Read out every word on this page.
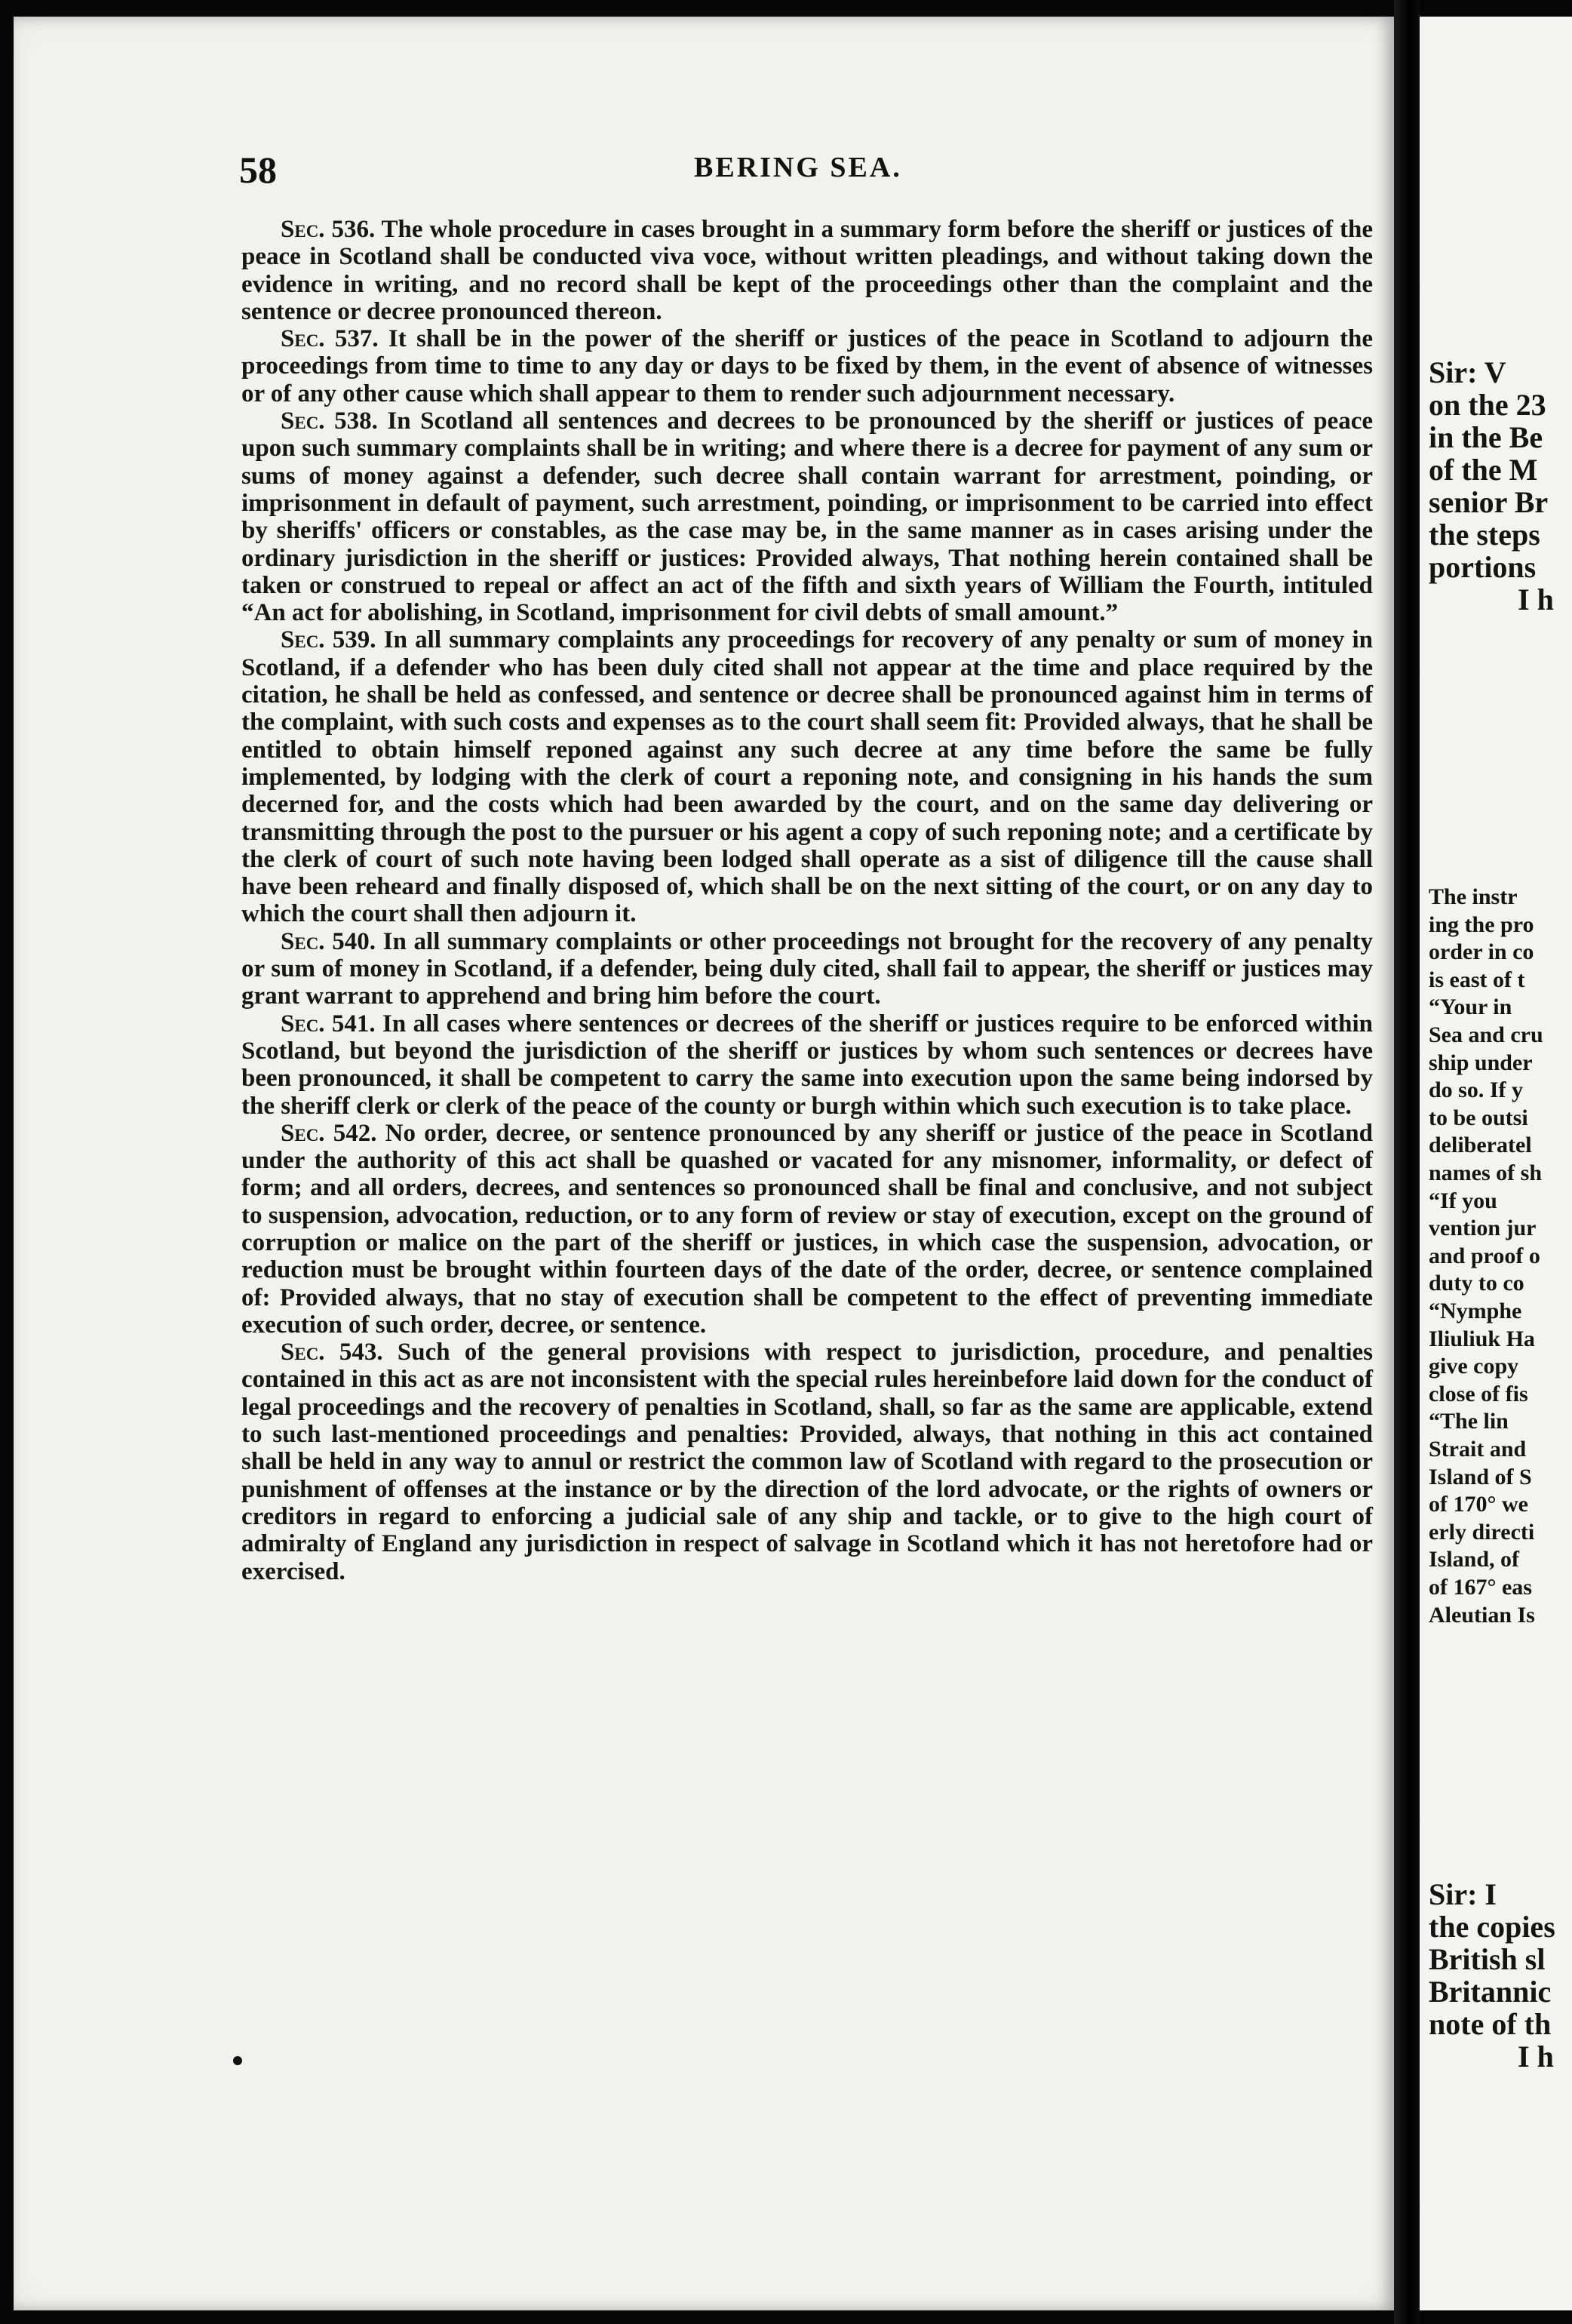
Sir: V
on the 23
in the Be
of the M
senior Br
the steps
portions
I h
The instr
ing the pro
order in co
is east of t
“Your in
Sea and cru
ship under
do so. If y
to be outsi
deliberatel
names of sh
“If you
vention jur
and proof o
duty to co
“Nymphe
Iliuliuk Ha
give copy
close of fis
“The lin
Strait and
Island of S
of 170° we
erly directi
Island, of
of 167° eas
Aleutian Is
Sir: I
the copies
British sl
Britannic
note of th
I h
58	BERING SEA.

Sec. 536. The whole procedure in cases brought in a summary form before the sheriff or justices of the peace in Scotland shall be conducted viva voce, without written pleadings, and without taking down the evidence in writing, and no record shall be kept of the proceedings other than the complaint and the sentence or decree pronounced thereon.

Sec. 537. It shall be in the power of the sheriff or justices of the peace in Scotland to adjourn the proceedings from time to time to any day or days to be fixed by them, in the event of absence of witnesses or of any other cause which shall appear to them to render such adjournment necessary.

Sec. 538. In Scotland all sentences and decrees to be pronounced by the sheriff or justices of peace upon such summary complaints shall be in writing; and where there is a decree for payment of any sum or sums of money against a defender, such decree shall contain warrant for arrestment, poinding, or imprisonment in default of payment, such arrestment, poinding, or imprisonment to be carried into effect by sheriffs' officers or constables, as the case may be, in the same manner as in cases arising under the ordinary jurisdiction in the sheriff or justices: Provided always, That nothing herein contained shall be taken or construed to repeal or affect an act of the fifth and sixth years of William the Fourth, intituled “An act for abolishing, in Scotland, imprisonment for civil debts of small amount.”

Sec. 539. In all summary complaints any proceedings for recovery of any penalty or sum of money in Scotland, if a defender who has been duly cited shall not appear at the time and place required by the citation, he shall be held as confessed, and sentence or decree shall be pronounced against him in terms of the complaint, with such costs and expenses as to the court shall seem fit: Provided always, that he shall be entitled to obtain himself reponed against any such decree at any time before the same be fully implemented, by lodging with the clerk of court a reponing note, and consigning in his hands the sum decerned for, and the costs which had been awarded by the court, and on the same day delivering or transmitting through the post to the pursuer or his agent a copy of such reponing note; and a certificate by the clerk of court of such note having been lodged shall operate as a sist of diligence till the cause shall have been reheard and finally disposed of, which shall be on the next sitting of the court, or on any day to which the court shall then adjourn it.

Sec. 540. In all summary complaints or other proceedings not brought for the recovery of any penalty or sum of money in Scotland, if a defender, being duly cited, shall fail to appear, the sheriff or justices may grant warrant to apprehend and bring him before the court.

Sec. 541. In all cases where sentences or decrees of the sheriff or justices require to be enforced within Scotland, but beyond the jurisdiction of the sheriff or justices by whom such sentences or decrees have been pronounced, it shall be competent to carry the same into execution upon the same being indorsed by the sheriff clerk or clerk of the peace of the county or burgh within which such execution is to take place.

Sec. 542. No order, decree, or sentence pronounced by any sheriff or justice of the peace in Scotland under the authority of this act shall be quashed or vacated for any misnomer, informality, or defect of form; and all orders, decrees, and sentences so pronounced shall be final and conclusive, and not subject to suspension, advocation, reduction, or to any form of review or stay of execution, except on the ground of corruption or malice on the part of the sheriff or justices, in which case the suspension, advocation, or reduction must be brought within fourteen days of the date of the order, decree, or sentence complained of: Provided always, that no stay of execution shall be competent to the effect of preventing immediate execution of such order, decree, or sentence.

Sec. 543. Such of the general provisions with respect to jurisdiction, procedure, and penalties contained in this act as are not inconsistent with the special rules hereinbefore laid down for the conduct of legal proceedings and the recovery of penalties in Scotland, shall, so far as the same are applicable, extend to such last-mentioned proceedings and penalties: Provided, always, that nothing in this act contained shall be held in any way to annul or restrict the common law of Scotland with regard to the prosecution or punishment of offenses at the instance or by the direction of the lord advocate, or the rights of owners or creditors in regard to enforcing a judicial sale of any ship and tackle, or to give to the high court of admiralty of England any jurisdiction in respect of salvage in Scotland which it has not heretofore had or exercised.
